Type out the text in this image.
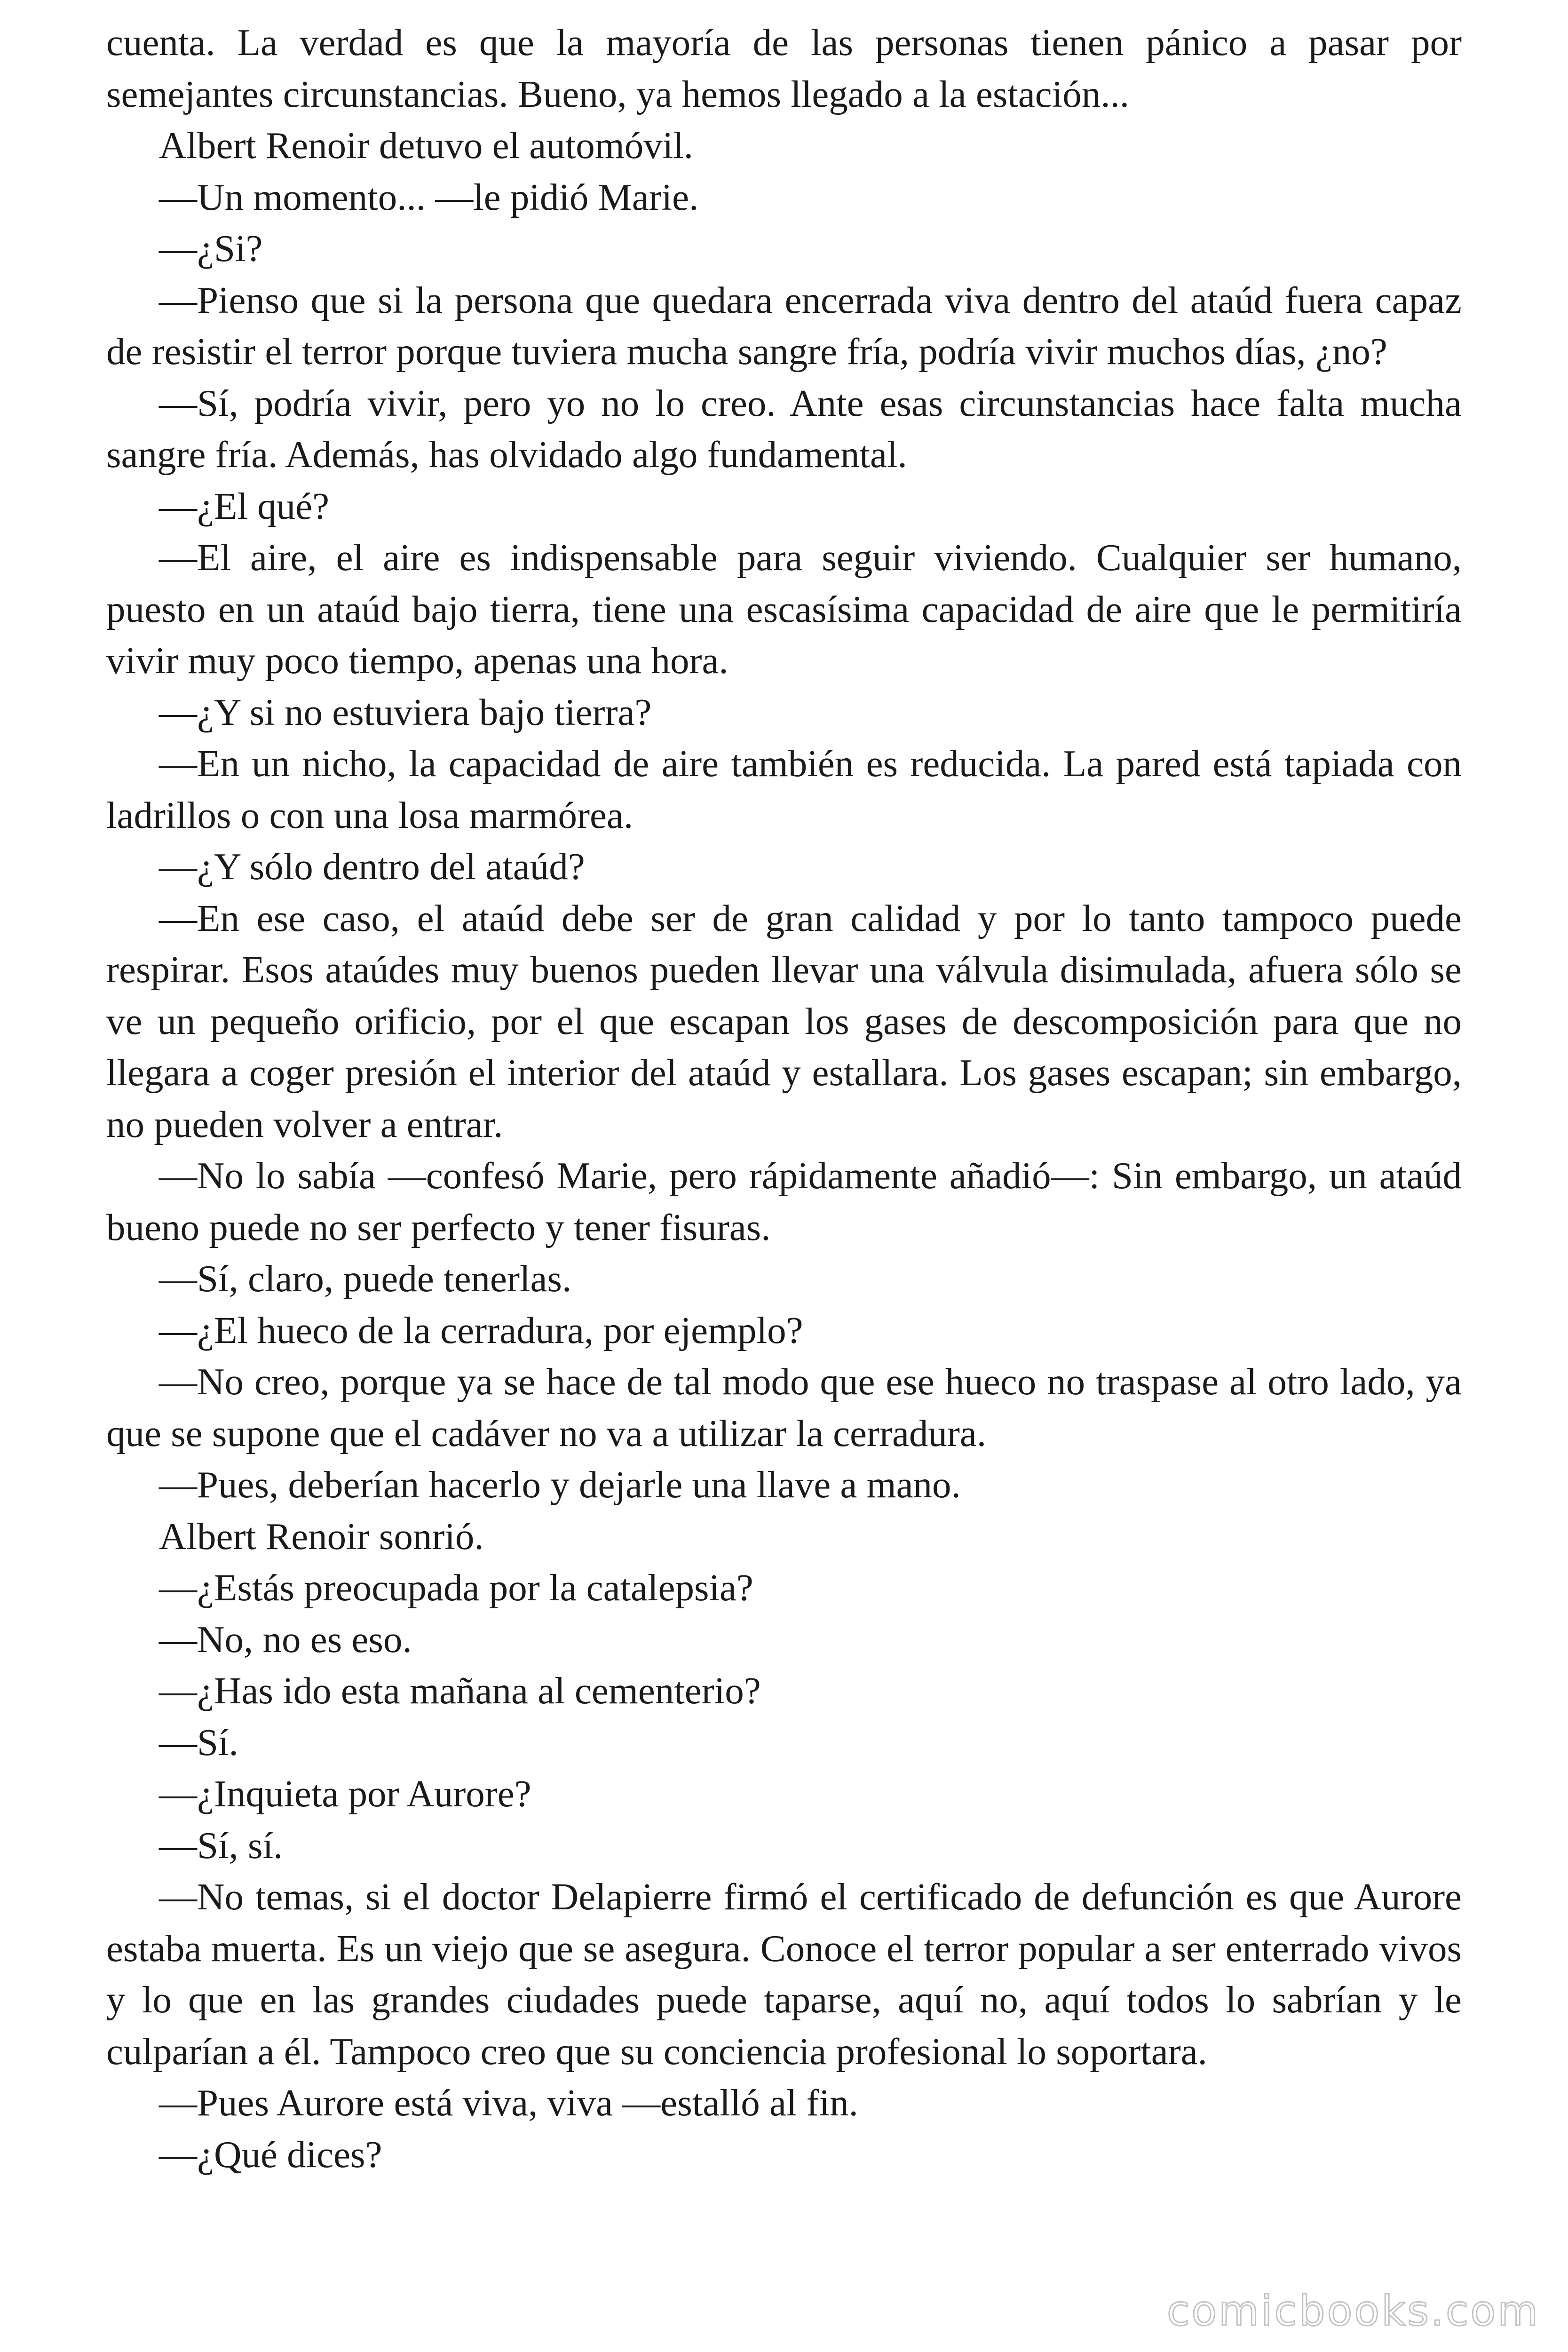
cuenta. La verdad es que la mayoría de las personas tienen pánico a pasar por semejantes circunstancias. Bueno, ya hemos llegado a la estación...

Albert Renoir detuvo el automóvil.

—Un momento... —le pidió Marie.

—¿Si?

—Pienso que si la persona que quedara encerrada viva dentro del ataúd fuera capaz de resistir el terror porque tuviera mucha sangre fría, podría vivir muchos días, ¿no?

—Sí, podría vivir, pero yo no lo creo. Ante esas circunstancias hace falta mucha sangre fría. Además, has olvidado algo fundamental.

—¿El qué?

—El aire, el aire es indispensable para seguir viviendo. Cualquier ser humano, puesto en un ataúd bajo tierra, tiene una escasísima capacidad de aire que le permitiría vivir muy poco tiempo, apenas una hora.

—¿Y si no estuviera bajo tierra?

—En un nicho, la capacidad de aire también es reducida. La pared está tapiada con ladrillos o con una losa marmórea.

—¿Y sólo dentro del ataúd?

—En ese caso, el ataúd debe ser de gran calidad y por lo tanto tampoco puede respirar. Esos ataúdes muy buenos pueden llevar una válvula disimulada, afuera sólo se ve un pequeño orificio, por el que escapan los gases de descomposición para que no llegara a coger presión el interior del ataúd y estallara. Los gases escapan; sin embargo, no pueden volver a entrar.

—No lo sabía —confesó Marie, pero rápidamente añadió—: Sin embargo, un ataúd bueno puede no ser perfecto y tener fisuras.

—Sí, claro, puede tenerlas.

—¿El hueco de la cerradura, por ejemplo?

—No creo, porque ya se hace de tal modo que ese hueco no traspase al otro lado, ya que se supone que el cadáver no va a utilizar la cerradura.

—Pues, deberían hacerlo y dejarle una llave a mano.

Albert Renoir sonrió.

—¿Estás preocupada por la catalepsia?

—No, no es eso.

—¿Has ido esta mañana al cementerio?

—Sí.

—¿Inquieta por Aurore?

—Sí, sí.

—No temas, si el doctor Delapierre firmó el certificado de defunción es que Aurore estaba muerta. Es un viejo que se asegura. Conoce el terror popular a ser enterrado vivos y lo que en las grandes ciudades puede taparse, aquí no, aquí todos lo sabrían y le culparían a él. Tampoco creo que su conciencia profesional lo soportara.

—Pues Aurore está viva, viva —estalló al fin.

—¿Qué dices?

comicbooks.com
